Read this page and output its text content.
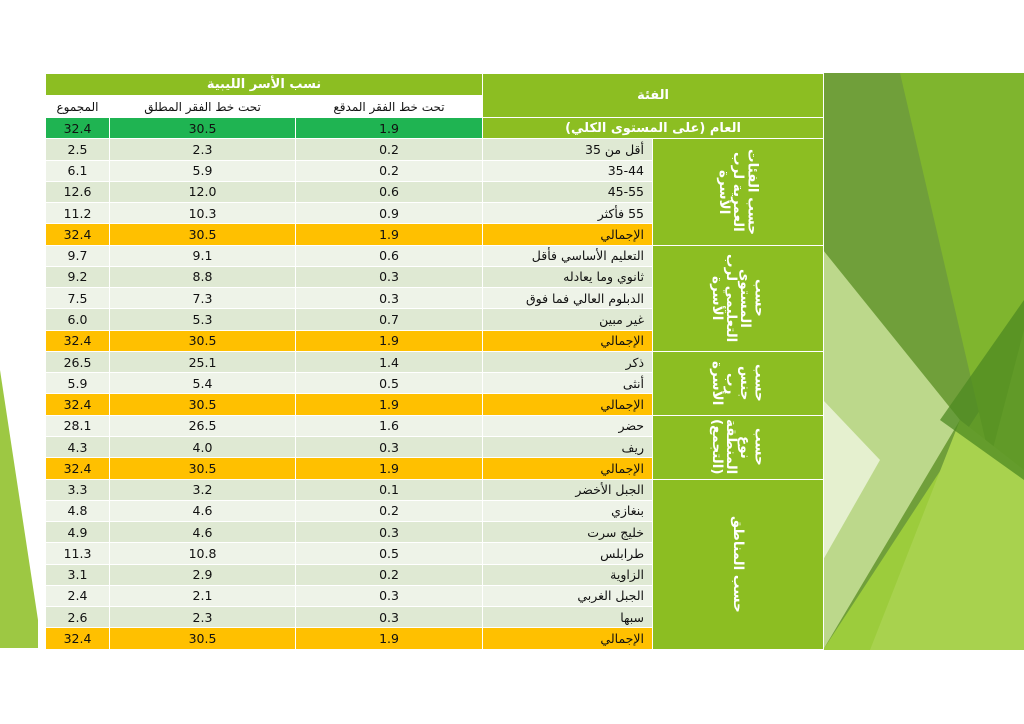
نسب الأسر الليبية			الفئة	
المجموع	تحت خط الفقر المطلق	تحت خط الفقر المدقع		
32.4	30.5	1.9	العام (على المستوى الكلي)	
2.5	2.3	0.2	أقل من 35	حسب الفئات العمرية لرب الأسرة

6.1	5.9	0.2	35-44	
12.6	12.0	0.6	45-55	
11.2	10.3	0.9	55 فأكثر	
32.4	30.5	1.9	الإجمالي	
9.7	9.1	0.6	التعليم الأساسي فأقل	حسب المستوى التعليمي لرب الأسرة

9.2	8.8	0.3	ثانوي وما يعادله	
7.5	7.3	0.3	الدبلوم العالي فما فوق	
6.0	5.3	0.7	غير مبين	
32.4	30.5	1.9	الإجمالي	
26.5	25.1	1.4	ذكر	حسب جنس رب الأسرة

5.9	5.4	0.5	أنثى	
32.4	30.5	1.9	الإجمالي	
28.1	26.5	1.6	حضر	حسب نوع المنطقة (التجمع)

4.3	4.0	0.3	ريف	
32.4	30.5	1.9	الإجمالي	
3.3	3.2	0.1	الجبل الأخضر	حسب المناطق

4.8	4.6	0.2	بنغازي	
4.9	4.6	0.3	خليج سرت	
11.3	10.8	0.5	طرابلس	
3.1	2.9	0.2	الزاوية	
2.4	2.1	0.3	الجبل الغربي	
2.6	2.3	0.3	سبها	
32.4	30.5	1.9	الإجمالي	
